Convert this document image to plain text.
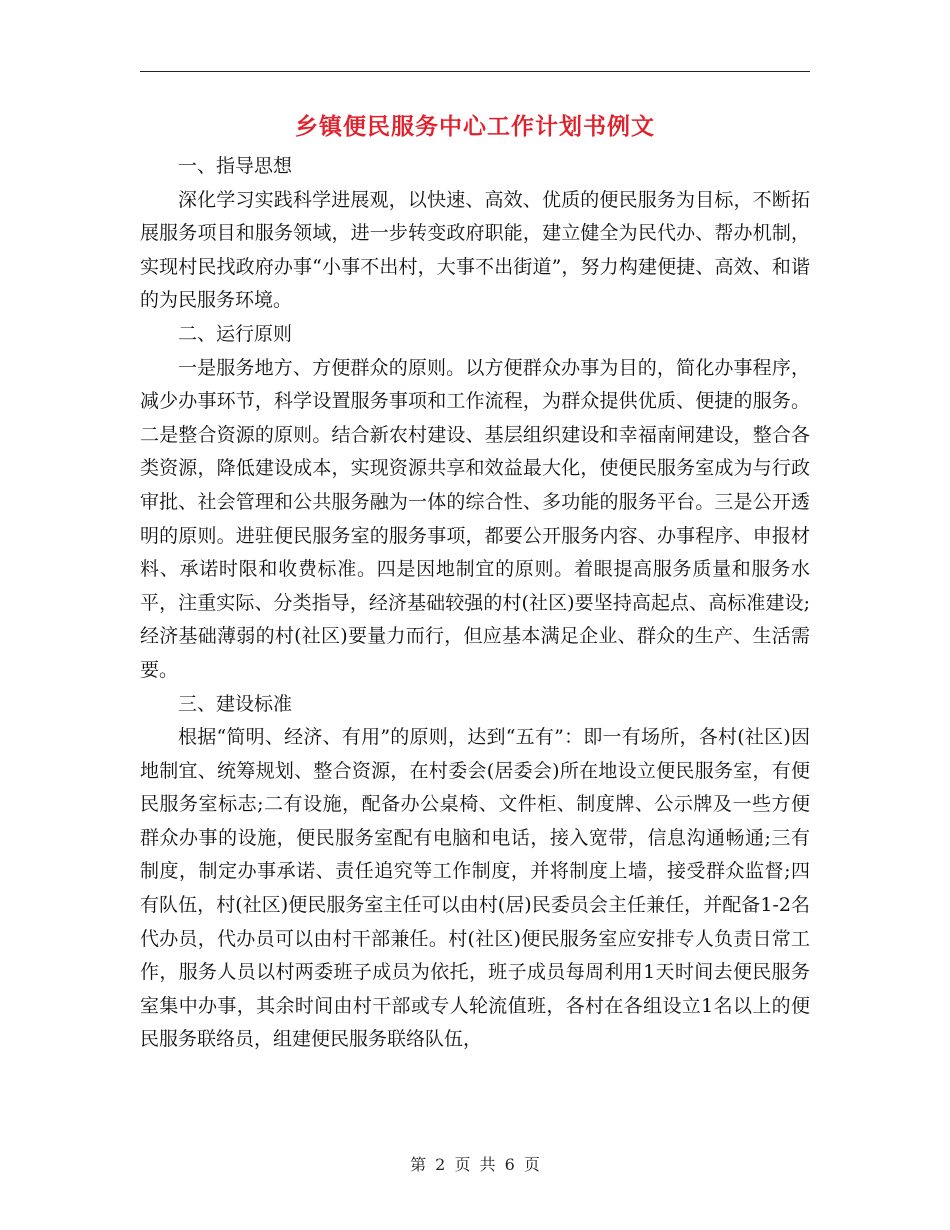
乡镇便民服务中心工作计划书例文

一、指导思想

深化学习实践科学进展观，以快速、高效、优质的便民服务为目标，不断拓展服务项目和服务领域，进一步转变政府职能，建立健全为民代办、帮办机制，实现村民找政府办事“小事不出村，大事不出街道”，努力构建便捷、高效、和谐的为民服务环境。

二、运行原则

一是服务地方、方便群众的原则。以方便群众办事为目的，简化办事程序，减少办事环节，科学设置服务事项和工作流程，为群众提供优质、便捷的服务。二是整合资源的原则。结合新农村建设、基层组织建设和幸福南闸建设，整合各类资源，降低建设成本，实现资源共享和效益最大化，使便民服务室成为与行政审批、社会管理和公共服务融为一体的综合性、多功能的服务平台。三是公开透明的原则。进驻便民服务室的服务事项，都要公开服务内容、办事程序、申报材料、承诺时限和收费标准。四是因地制宜的原则。着眼提高服务质量和服务水平，注重实际、分类指导，经济基础较强的村(社区)要坚持高起点、高标准建设;经济基础薄弱的村(社区)要量力而行，但应基本满足企业、群众的生产、生活需要。

三、建设标准

根据“简明、经济、有用”的原则，达到“五有”：即一有场所，各村(社区)因地制宜、统筹规划、整合资源，在村委会(居委会)所在地设立便民服务室，有便民服务室标志;二有设施，配备办公桌椅、文件柜、制度牌、公示牌及一些方便群众办事的设施，便民服务室配有电脑和电话，接入宽带，信息沟通畅通;三有制度，制定办事承诺、责任追究等工作制度，并将制度上墙，接受群众监督;四有队伍，村(社区)便民服务室主任可以由村(居)民委员会主任兼任，并配备1-2名代办员，代办员可以由村干部兼任。村(社区)便民服务室应安排专人负责日常工作，服务人员以村两委班子成员为依托，班子成员每周利用1天时间去便民服务室集中办事，其余时间由村干部或专人轮流值班，各村在各组设立1名以上的便民服务联络员，组建便民服务联络队伍，

第 2 页 共 6 页
